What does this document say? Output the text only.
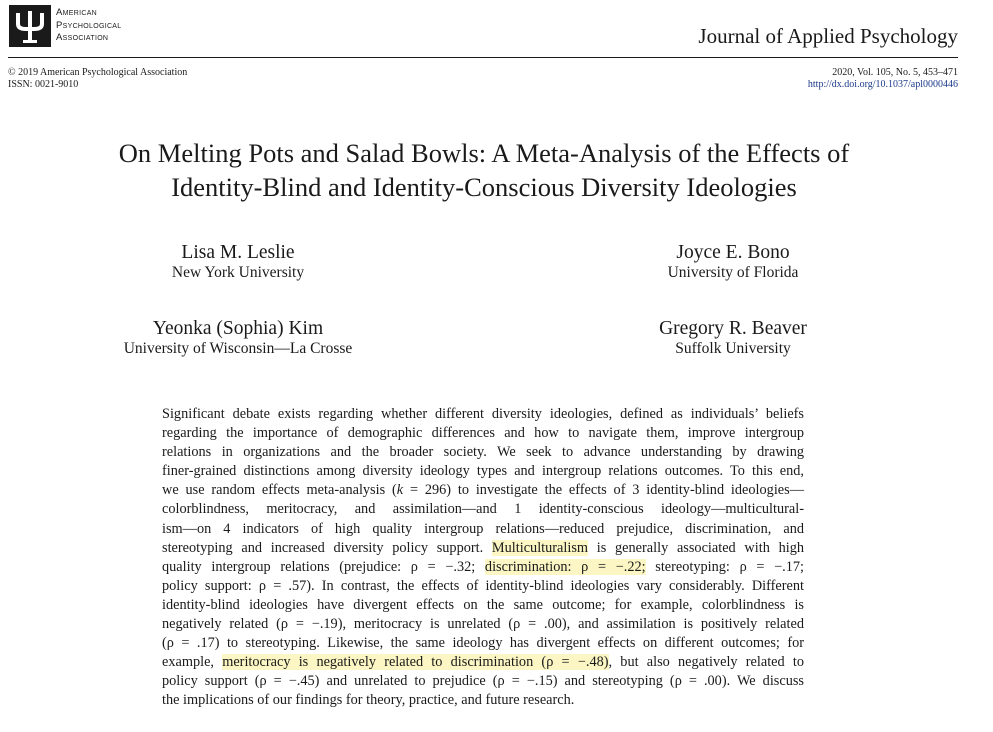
American
Psychological
Association	Journal of Applied Psychology
© 2019 American Psychological Association
ISSN: 0021-9010
2020, Vol. 105, No. 5, 453–471
http://dx.doi.org/10.1037/apl0000446
On Melting Pots and Salad Bowls: A Meta-Analysis of the Effects of
Identity-Blind and Identity-Conscious Diversity Ideologies
Lisa M. Leslie
New York University
Joyce E. Bono
University of Florida
Yeonka (Sophia) Kim
University of Wisconsin—La Crosse
Gregory R. Beaver
Suffolk University
Significant debate exists regarding whether different diversity ideologies, defined as individuals’ beliefs
regarding the importance of demographic differences and how to navigate them, improve intergroup
relations in organizations and the broader society. We seek to advance understanding by drawing
finer-grained distinctions among diversity ideology types and intergroup relations outcomes. To this end,
we use random effects meta-analysis (k = 296) to investigate the effects of 3 identity-blind ideologies—
colorblindness, meritocracy, and assimilation—and 1 identity-conscious ideology—multicultural-
ism—on 4 indicators of high quality intergroup relations—reduced prejudice, discrimination, and
stereotyping and increased diversity policy support. Multiculturalism is generally associated with high
quality intergroup relations (prejudice: ρ = −.32; discrimination: ρ = −.22; stereotyping: ρ = −.17;
policy support: ρ = .57). In contrast, the effects of identity-blind ideologies vary considerably. Different
identity-blind ideologies have divergent effects on the same outcome; for example, colorblindness is
negatively related (ρ = −.19), meritocracy is unrelated (ρ = .00), and assimilation is positively related
(ρ = .17) to stereotyping. Likewise, the same ideology has divergent effects on different outcomes; for
example, meritocracy is negatively related to discrimination (ρ = −.48), but also negatively related to
policy support (ρ = −.45) and unrelated to prejudice (ρ = −.15) and stereotyping (ρ = .00). We discuss
the implications of our findings for theory, practice, and future research.
